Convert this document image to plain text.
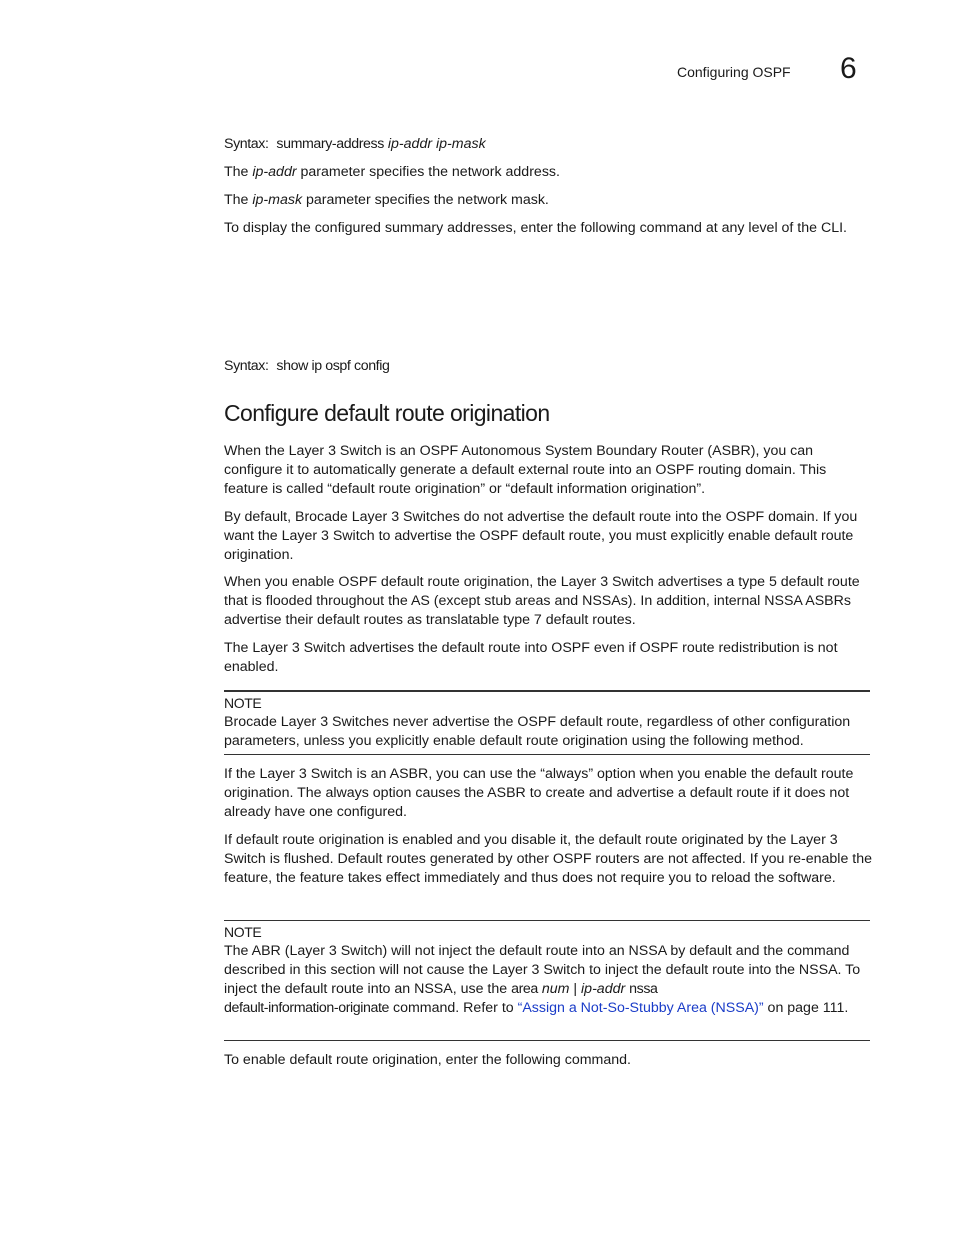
Configuring OSPF 6

Syntax: summary-address ip-addr ip-mask

The ip-addr parameter specifies the network address.

The ip-mask parameter specifies the network mask.

To display the configured summary addresses, enter the following command at any level of the CLI.

Syntax: show ip ospf config

Configure default route origination

When the Layer 3 Switch is an OSPF Autonomous System Boundary Router (ASBR), you can configure it to automatically generate a default external route into an OSPF routing domain. This feature is called “default route origination” or “default information origination”.

By default, Brocade Layer 3 Switches do not advertise the default route into the OSPF domain. If you want the Layer 3 Switch to advertise the OSPF default route, you must explicitly enable default route origination.

When you enable OSPF default route origination, the Layer 3 Switch advertises a type 5 default route that is flooded throughout the AS (except stub areas and NSSAs). In addition, internal NSSA ASBRs advertise their default routes as translatable type 7 default routes.

The Layer 3 Switch advertises the default route into OSPF even if OSPF route redistribution is not enabled.

NOTE

Brocade Layer 3 Switches never advertise the OSPF default route, regardless of other configuration parameters, unless you explicitly enable default route origination using the following method.

If the Layer 3 Switch is an ASBR, you can use the “always” option when you enable the default route origination. The always option causes the ASBR to create and advertise a default route if it does not already have one configured.

If default route origination is enabled and you disable it, the default route originated by the Layer 3 Switch is flushed. Default routes generated by other OSPF routers are not affected. If you re-enable the feature, the feature takes effect immediately and thus does not require you to reload the software.

NOTE

The ABR (Layer 3 Switch) will not inject the default route into an NSSA by default and the command described in this section will not cause the Layer 3 Switch to inject the default route into the NSSA. To inject the default route into an NSSA, use the area num | ip-addr nssa
default-information-originate command. Refer to “Assign a Not-So-Stubby Area (NSSA)” on page 111.

To enable default route origination, enter the following command.
